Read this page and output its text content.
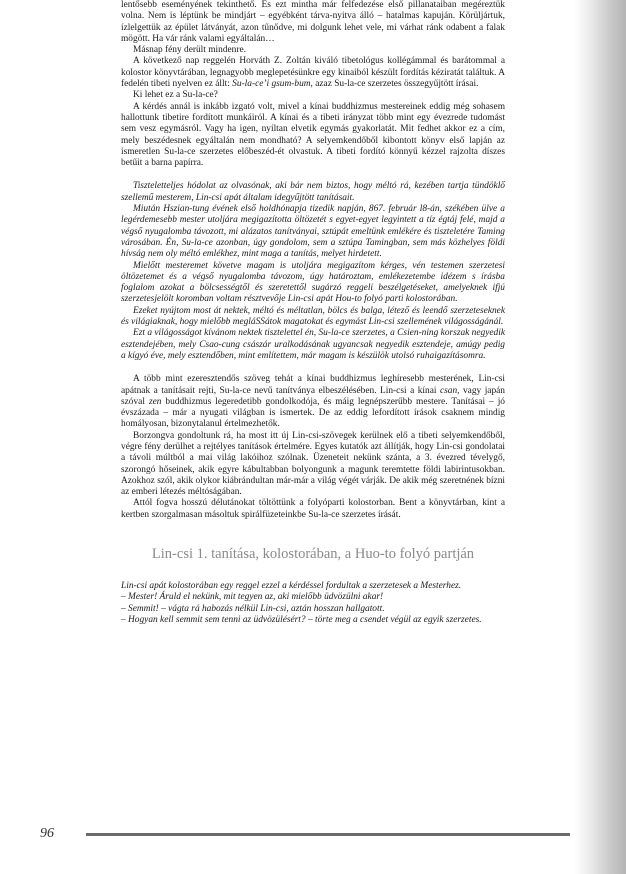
lentősebb eseményének tekinthető. És ezt mintha már felfedezése első pillanataiban megéreztük volna. Nem is léptünk be mindjárt – egyébként tárva-nyitva álló – hatalmas kapuján. Körüljártuk, ízlelgettük az épület látványát, azon tűnődve, mi dolgunk lehet vele, mi várhat ránk odabent a falak mögött. Ha vár ránk valami egyáltalán…

Másnap fény derült mindenre.

A következő nap reggelén Horváth Z. Zoltán kiváló tibetológus kollégámmal és barátommal a kolostor könyvtárában, legnagyobb meglepetésünkre egy kinaiból készült fordítás kéziratát találtuk. A fedelén tibeti nyelven ez állt: Su-la-ce’i gsum-bum, azaz Su-la-ce szerzetes összegyűjtött írásai.

Ki lehet ez a Su-la-ce?

A kérdés annál is inkább izgató volt, mivel a kínai buddhizmus mestereinek eddig még sohasem hallottunk tibetire fordított munkáiról. A kínai és a tibeti irányzat több mint egy évezrede tudomást sem vesz egymásról. Vagy ha igen, nyíltan elvetik egymás gyakorlatát. Mit fedhet akkor ez a cím, mely beszédesnek egyáltalán nem mondható? A selyemkendőből kibontott könyv első lapján az ismeretlen Su-la-ce szerzetes előbeszéd-ét olvastuk. A tibeti fordító könnyű kézzel rajzolta díszes betűit a barna papírra.

Tiszteletteljes hódolat az olvasónak, aki bár nem biztos, hogy méltó rá, kezében tartja tündöklő szellemű mesterem, Lin-csi apát általam idegyűjtött tanításait.

Miután Hszian-tung évének első holdhónapja tizedik napján, 867. február l8-án, székében ülve a legérdemesebb mester utoljára megigazította öltözetét s egyet-egyet legyintett a tíz égtáj felé, majd a végső nyugalomba távozott, mi alázatos tanítványai, sztúpát emeltünk emlékére és tiszteletére Taming városában. Én, Su-la-ce azonban, úgy gondolom, sem a sztúpa Tamingban, sem más közhelyes földi hívság nem oly méltó emlékhez, mint maga a tanítás, melyet hirdetett.

Mielőtt mesteremet követve magam is utoljára megigazítom kérges, vén testemen szerzetesi öltözetemet és a végső nyugalomba távozom, úgy határoztam, emlékezetembe idézem s írásba foglalom azokat a bölcsességtől és szeretettől sugárzó reggeli beszélgetéseket, amelyeknek ifjú szerzetesjelölt koromban voltam résztvevője Lin-csi apát Hou-to folyó parti kolostorában.

Ezeket nyújtom most át nektek, méltó és méltatlan, bölcs és balga, létező és leendő szerzeteseknek és világiaknak, hogy mielőbb megláSSátok magatokat és egymást Lin-csi szellemének világosságánál.

Ezt a világosságot kívánom nektek tisztelettel én, Su-la-ce szerzetes, a Csien-ning korszak negyedik esztendejében, mely Csao-cung császár uralkodásának ugyancsak negyedik esztendeje, amúgy pedig a kígyó éve, mely esztendőben, mint említettem, már magam is készülök utolsó ruhaigazításomra.

A több mint ezeresztendős szöveg tehát a kínai buddhizmus leghíresebb mesterének, Lin-csi apátnak a tanításait rejti, Su-la-ce nevű tanítványa elbeszélésében. Lin-csi a kínai csan, vagy japán szóval zen buddhizmus legeredetibb gondolkodója, és máig legnépszerűbb mestere. Tanításai – jó évszázada – már a nyugati világban is ismertek. De az eddig lefordított írások csaknem mindig homályosan, bizonytalanul értelmezhetők.

Borzongva gondoltunk rá, ha most itt új Lin-csi-szövegek kerülnek elő a tibeti selyemkendőből, végre fény derülhet a rejtélyes tanítások értelmére. Egyes kutatók azt állítják, hogy Lin-csi gondolatai a távoli múltból a mai világ lakóihoz szólnak. Üzeneteit nekünk szánta, a 3. évezred tévelygő, szorongó hőseinek, akik egyre kábultabban bolyongunk a magunk teremtette földi labirintusokban. Azokhoz szól, akik olykor kiábrándultan már-már a világ végét várják. De akik még szeretnének bízni az emberi létezés méltóságában.

Attól fogva hosszú délutánokat töltöttünk a folyóparti kolostorban. Bent a könyvtárban, kint a kertben szorgalmasan másoltuk spirálfüzeteinkbe Su-la-ce szerzetes írását.

Lin-csi 1. tanítása, kolostorában, a Huo-to folyó partján

Lin-csi apát kolostorában egy reggel ezzel a kérdéssel fordultak a szerzetesek a Mesterhez.

– Mester! Áruld el nekünk, mit tegyen az, aki mielőbb üdvözülni akar!

– Semmit! – vágta rá habozás nélkül Lin-csi, aztán hosszan hallgatott.

– Hogyan kell semmit sem tenni az üdvözülésért? – törte meg a csendet végül az egyik szerzetes.

96
